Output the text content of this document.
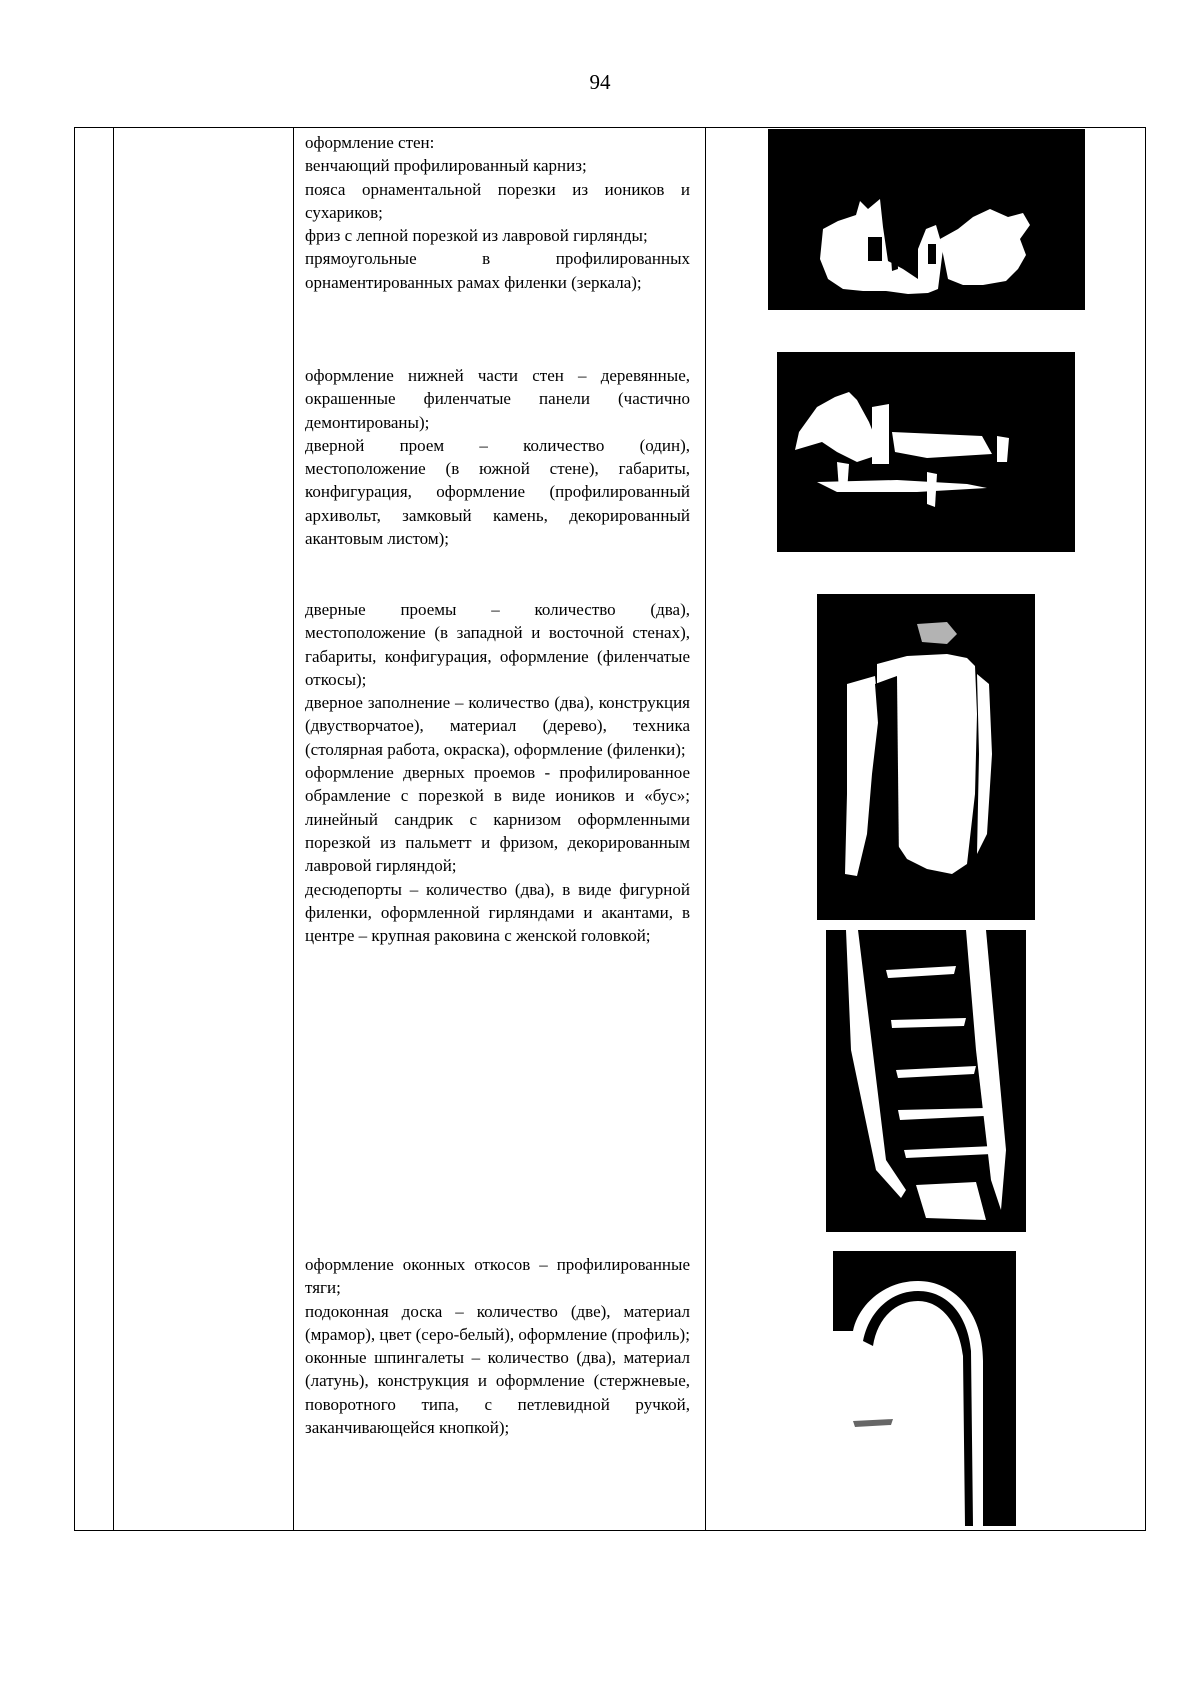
94

оформление стен:

венчающий профилированный карниз;

пояса орнаментальной порезки из иоников и сухариков;

фриз с лепной порезкой из лавровой гирлянды;

прямоугольные в профилированных орнаментированных рамах филенки (зеркала);

оформление нижней части стен – деревянные, окрашенные филенчатые панели (частично демонтированы);

дверной проем – количество (один), местоположение (в южной стене), габариты, конфигурация, оформление (профилированный архивольт, замковый камень, декорированный акантовым листом);

дверные проемы – количество (два), местоположение (в западной и восточной стенах), габариты, конфигурация, оформление (филенчатые откосы);

дверное заполнение – количество (два), конструкция (двустворчатое), материал (дерево), техника (столярная работа, окраска), оформление (филенки);

оформление дверных проемов - профилированное обрамление с порезкой в виде иоников и «бус»; линейный сандрик с карнизом оформленными порезкой из пальметт и фризом, декорированным лавровой гирляндой;

десюдепорты – количество (два), в виде фигурной филенки, оформленной гирляндами и акантами, в центре – крупная раковина с женской головкой;

оформление оконных откосов – профилированные тяги;

подоконная доска – количество (две), материал (мрамор), цвет (серо-белый), оформление (профиль);

оконные шпингалеты – количество (два), материал (латунь), конструкция и оформление (стержневые, поворотного типа, с петлевидной ручкой, заканчивающейся кнопкой);
